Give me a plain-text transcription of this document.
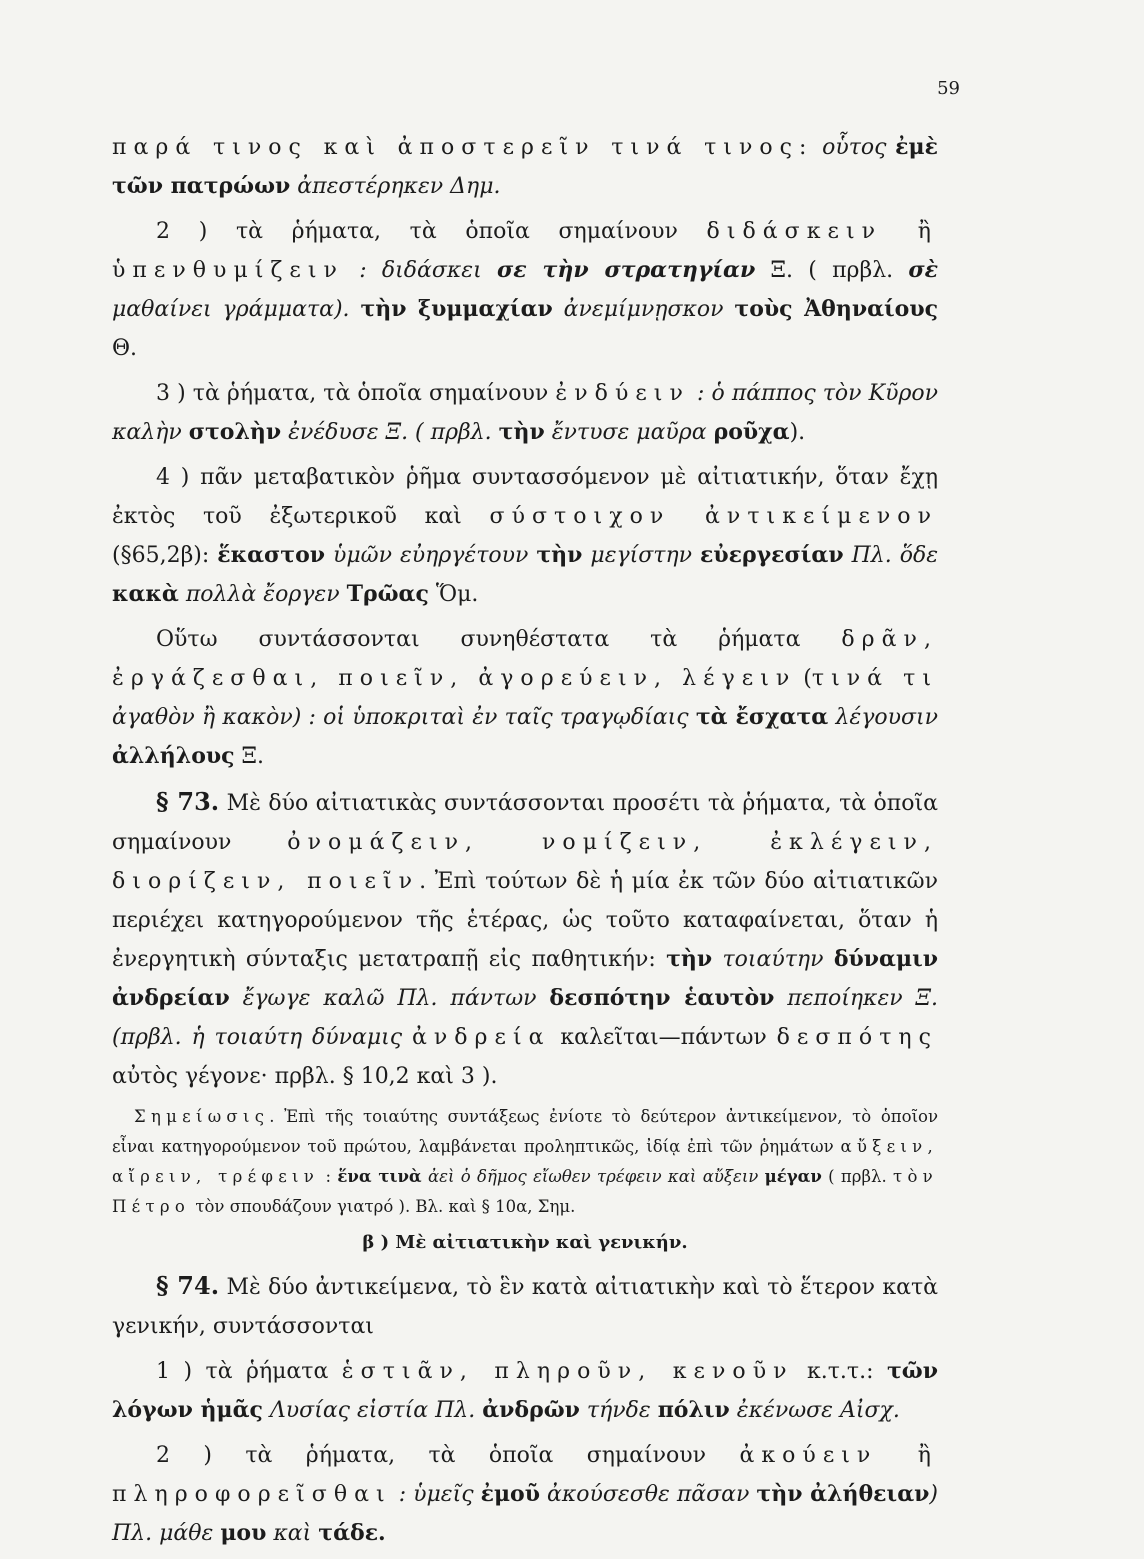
59

παρά τινος καὶ ἀποστερεῖν τινά τινος: οὗτος ἐμὲ τῶν πατρώων ἀπεστέρηκεν Δημ.

2 ) τὰ ῥήματα, τὰ ὁποῖα σημαίνουν διδάσκειν ἢ ὑπενθυμίζειν : διδάσκει σε τὴν στρατηγίαν Ξ. ( πρβλ. σὲ μαθαίνει γράμματα). τὴν ξυμμαχίαν ἀνεμίμνῃσκον τοὺς Ἀθηναίους Θ.

3 ) τὰ ῥήματα, τὰ ὁποῖα σημαίνουν ἐνδύειν : ὁ πάππος τὸν Κῦρον καλὴν στολὴν ἐνέδυσε Ξ. ( πρβλ. τὴν ἔντυσε μαῦρα ροῦχα).

4 ) πᾶν μεταβατικὸν ῥῆμα συντασσόμενον μὲ αἰτιατικήν, ὅταν ἔχῃ ἐκτὸς τοῦ ἐξωτερικοῦ καὶ σύστοιχον ἀντικείμενον (§65,2β): ἕκαστον ὑμῶν εὐηργέτουν τὴν μεγίστην εὐεργεσίαν Πλ. ὅδε κακὰ πολλὰ ἔοργεν Τρῶας Ὅμ.

Οὕτω συντάσσονται συνηθέστατα τὰ ῥήματα δρᾶν, ἐργάζεσθαι, ποιεῖν, ἀγορεύειν, λέγειν (τινά τι ἀγαθὸν ἢ κακὸν) : οἱ ὑποκριταὶ ἐν ταῖς τραγῳδίαις τὰ ἔσχατα λέγουσιν ἀλλήλους Ξ.

§ 73. Μὲ δύο αἰτιατικὰς συντάσσονται προσέτι τὰ ῥήματα, τὰ ὁποῖα σημαίνουν ὀνομάζειν, νομίζειν, ἐκλέγειν, διορίζειν, ποιεῖν. Ἐπὶ τούτων δὲ ἡ μία ἐκ τῶν δύο αἰτιατικῶν περιέχει κατηγορούμενον τῆς ἑτέρας, ὡς τοῦτο καταφαίνεται, ὅταν ἡ ἐνεργητικὴ σύνταξις μετατραπῇ εἰς παθητικήν: τὴν τοιαύτην δύναμιν ἀνδρείαν ἔγωγε καλῶ Πλ. πάντων δεσπότην ἑαυτὸν πεποίηκεν Ξ. (πρβλ. ἡ τοιαύτη δύναμις ἀνδρεία καλεῖται—πάντων δεσπότης αὐτὸς γέγονε· πρβλ. § 10,2 καὶ 3 ).

Σημείωσις. Ἐπὶ τῆς τοιαύτης συντάξεως ἐνίοτε τὸ δεύτερον ἀντικείμενον, τὸ ὁποῖον εἶναι κατηγορούμενον τοῦ πρώτου, λαμβάνεται προληπτικῶς, ἰδίᾳ ἐπὶ τῶν ῥημάτων αὔξειν, αἴρειν, τρέφειν : ἕνα τινὰ ἀεὶ ὁ δῆμος εἴωθεν τρέφειν καὶ αὔξειν μέγαν ( πρβλ. τὸν Πέτρο τὸν σπουδάζουν γιατρό ). Βλ. καὶ § 10α, Σημ.

β ) Μὲ αἰτιατικὴν καὶ γενικήν.

§ 74. Μὲ δύο ἀντικείμενα, τὸ ἓν κατὰ αἰτιατικὴν καὶ τὸ ἕτερον κατὰ γενικήν, συντάσσονται

1 ) τὰ ῥήματα ἑστιᾶν, πληροῦν, κενοῦν κ.τ.τ.: τῶν λόγων ἡμᾶς Λυσίας εἱστία Πλ. ἀνδρῶν τήνδε πόλιν ἐκένωσε Αἰσχ.

2 ) τὰ ῥήματα, τὰ ὁποῖα σημαίνουν ἀκούειν ἢ πληροφορεῖσθαι : ὑμεῖς ἐμοῦ ἀκούσεσθε πᾶσαν τὴν ἀλήθειαν) Πλ. μάθε μου καὶ τάδε.
